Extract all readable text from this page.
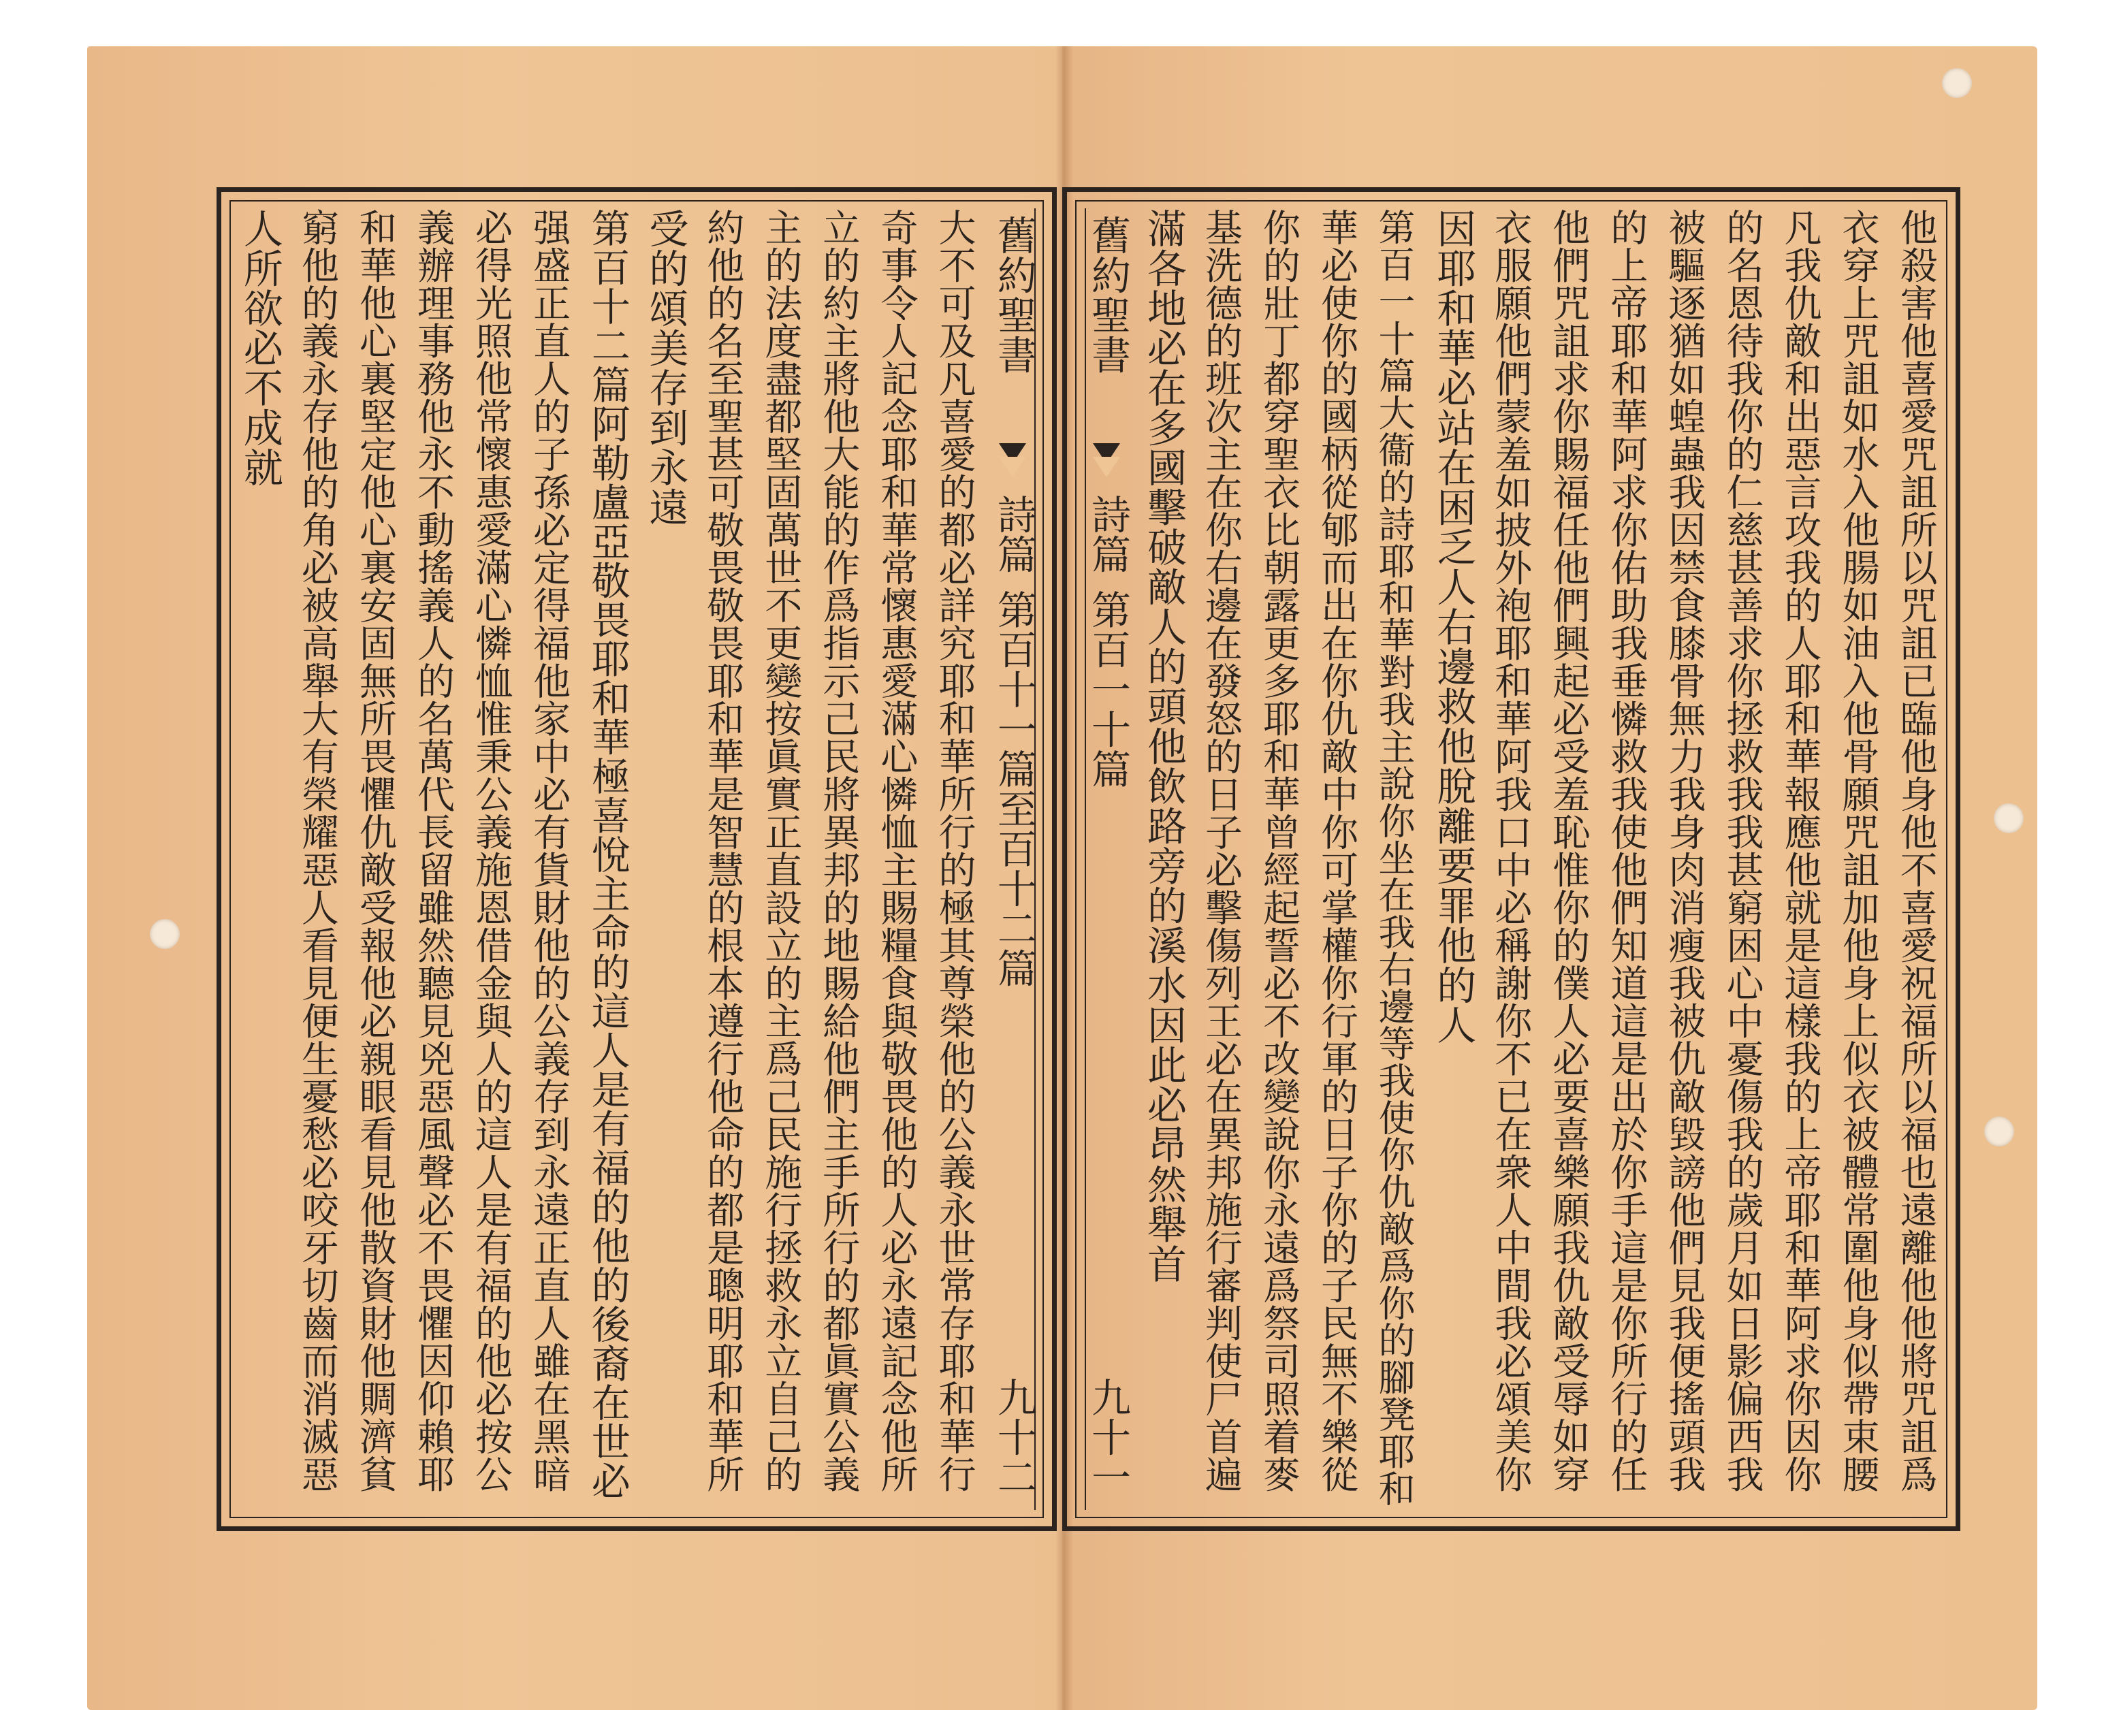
他殺害他喜愛咒詛所以咒詛已臨他身他不喜愛祝福所以福也遠離他他將咒詛爲
衣穿上咒詛如水入他腸如油入他骨願咒詛加他身上似衣被體常圍他身似帶束腰
凡我仇敵和出惡言攻我的人耶和華報應他就是這樣我的上帝耶和華阿求你因你
的名恩待我你的仁慈甚善求你拯救我我甚窮困心中憂傷我的歲月如日影偏西我
被驅逐猶如蝗蟲我因禁食膝骨無力我身肉消瘦我被仇敵毀謗他們見我便搖頭我
的上帝耶和華阿求你佑助我垂憐救我使他們知道這是出於你手這是你所行的任
他們咒詛求你賜福任他們興起必受羞恥惟你的僕人必要喜樂願我仇敵受辱如穿
衣服願他們蒙羞如披外袍耶和華阿我口中必稱謝你不已在衆人中間我必頌美你
因耶和華必站在困乏人右邊救他脫離要罪他的人
第百一十篇大衞的詩耶和華對我主說你坐在我右邊等我使你仇敵爲你的腳凳耶和
華必使你的國柄從郇而出在你仇敵中你可掌權你行軍的日子你的子民無不樂從
你的壯丁都穿聖衣比朝露更多耶和華曾經起誓必不改變說你永遠爲祭司照着麥
基洗德的班次主在你右邊在發怒的日子必擊傷列王必在異邦施行審判使尸首遍
滿各地必在多國擊破敵人的頭他飲路旁的溪水因此必昂然舉首
舊約聖書
詩篇
第百一十篇
九十一
舊約聖書
詩篇
第百十一篇至百十二篇
九十二
大不可及凡喜愛的都必詳究耶和華所行的極其尊榮他的公義永世常存耶和華行
奇事令人記念耶和華常懷惠愛滿心憐恤主賜糧食與敬畏他的人必永遠記念他所
立的約主將他大能的作爲指示己民將異邦的地賜給他們主手所行的都眞實公義
主的法度盡都堅固萬世不更變按眞實正直設立的主爲己民施行拯救永立自己的
約他的名至聖甚可敬畏敬畏耶和華是智慧的根本遵行他命的都是聰明耶和華所
受的頌美存到永遠
第百十二篇阿勒盧亞敬畏耶和華極喜悅主命的這人是有福的他的後裔在世必
强盛正直人的子孫必定得福他家中必有貨財他的公義存到永遠正直人雖在黑暗
必得光照他常懷惠愛滿心憐恤惟秉公義施恩借金與人的這人是有福的他必按公
義辦理事務他永不動搖義人的名萬代長留雖然聽見兇惡風聲必不畏懼因仰賴耶
和華他心裏堅定他心裏安固無所畏懼仇敵受報他必親眼看見他散資財他賙濟貧
窮他的義永存他的角必被高舉大有榮耀惡人看見便生憂愁必咬牙切齒而消滅惡
人所欲必不成就
